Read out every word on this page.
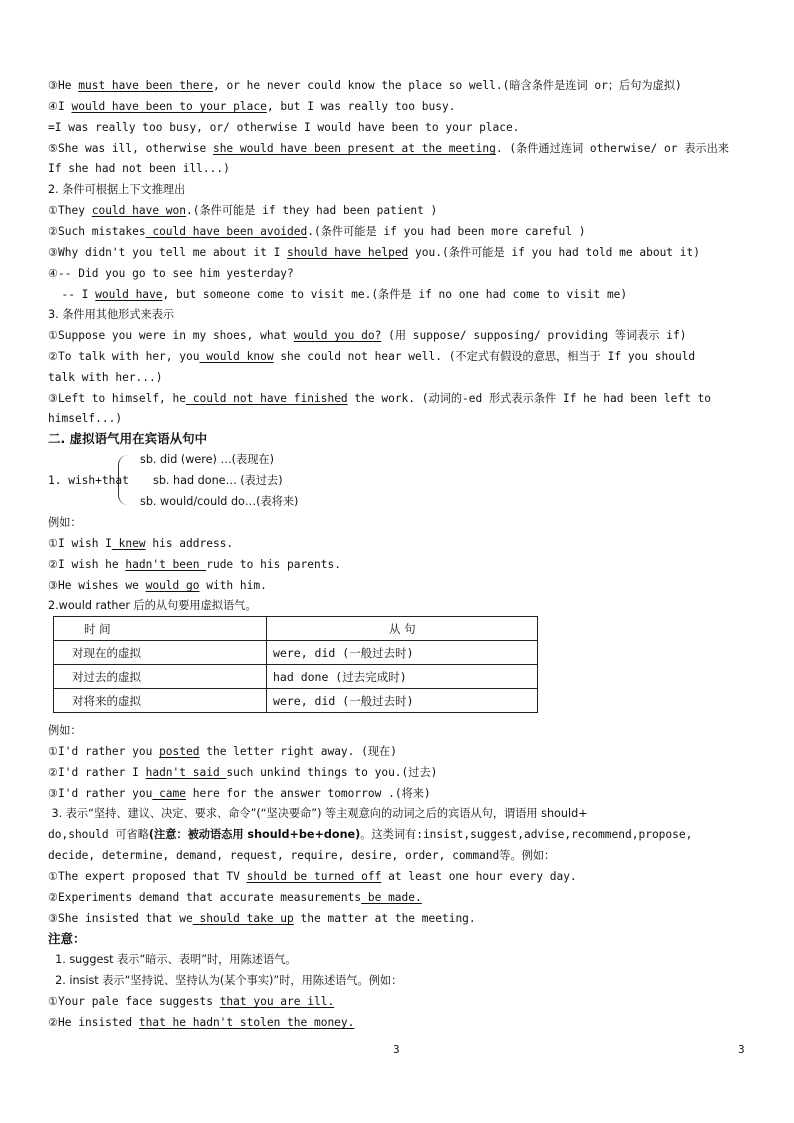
③He must have been there, or he never could know the place so well.(暗含条件是连词 or；后句为虚拟)
④I would have been to your place, but I was really too busy.
=I was really too busy, or/ otherwise I would have been to your place.
⑤She was ill, otherwise she would have been present at the meeting. (条件通过连词 otherwise/ or 表示出来
If she had not been ill...)
2. 条件可根据上下文推理出
①They could have won.(条件可能是 if they had been patient )
②Such mistakes could have been avoided.(条件可能是 if you had been more careful )
③Why didn't you tell me about it I should have helped you.(条件可能是 if you had told me about it)
④-- Did you go to see him yesterday?
-- I would have, but someone come to visit me.(条件是 if no one had come to visit me)
3. 条件用其他形式来表示
①Suppose you were in my shoes, what would you do? (用 suppose/ supposing/ providing 等词表示 if)
②To talk with her, you would know she could not hear well. (不定式有假设的意思，相当于 If you should
talk with her...)
③Left to himself, he could not have finished the work. (动词的-ed 形式表示条件 If he had been left to
himself...)
二. 虚拟语气用在宾语从句中
sb. did (were) …(表现在)
1. wish+that sb. had done… (表过去)
sb. would/could do…(表将来)
例如：
①I wish I knew his address.
②I wish he hadn't been rude to his parents.
③He wishes we would go with him.
2.would rather 后的从句要用虚拟语气。
时 间	从 句
对现在的虚拟	were, did (一般过去时)
对过去的虚拟	had done (过去完成时)
对将来的虚拟	were, did (一般过去时)
例如：
①I'd rather you posted the letter right away. (现在)
②I'd rather I hadn't said such unkind things to you.(过去)
③I'd rather you came here for the answer tomorrow .(将来)
3. 表示“坚持、建议、决定、要求、命令”(“坚决要命”) 等主观意向的动词之后的宾语从句，谓语用 should+
do,should 可省略(注意：被动语态用 should+be+done)。这类词有:insist,suggest,advise,recommend,propose,
decide, determine, demand, request, require, desire, order, command等。例如：
①The expert proposed that TV should be turned off at least one hour every day.
②Experiments demand that accurate measurements be made.
③She insisted that we should take up the matter at the meeting.
注意：
1. suggest 表示“暗示、表明”时，用陈述语气。
2. insist 表示“坚持说、坚持认为(某个事实)”时，用陈述语气。例如：
①Your pale face suggests that you are ill.
②He insisted that he hadn't stolen the money.
3	3
